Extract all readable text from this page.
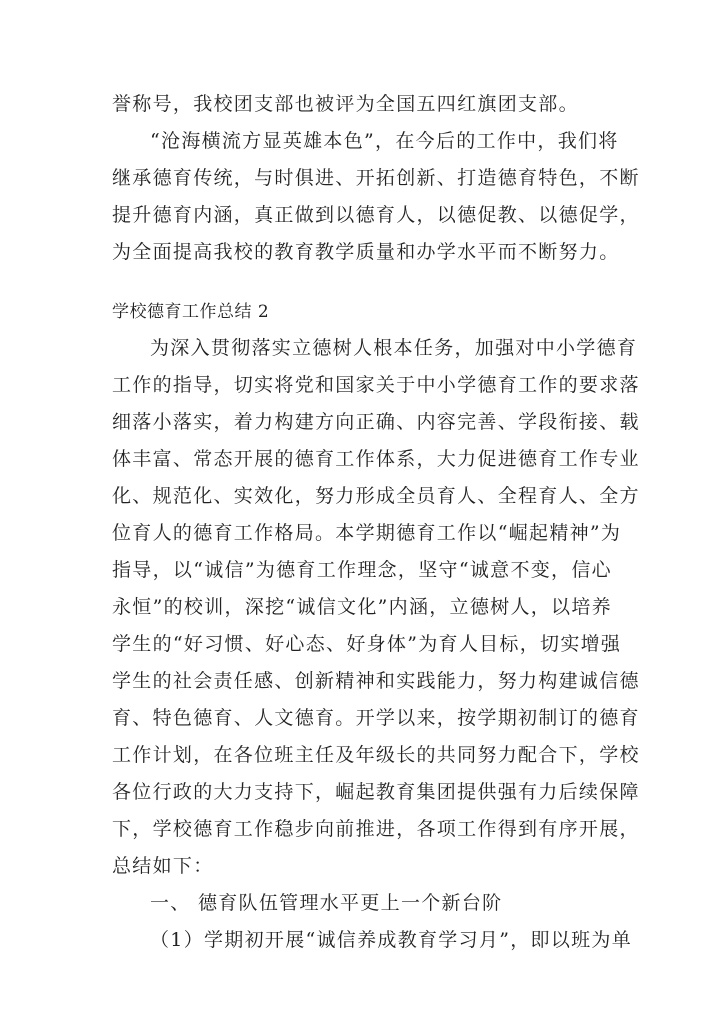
誉称号，我校团支部也被评为全国五四红旗团支部。
“沧海横流方显英雄本色”，在今后的工作中，我们将
继承德育传统，与时俱进、开拓创新、打造德育特色，不断
提升德育内涵，真正做到以德育人，以德促教、以德促学，
为全面提高我校的教育教学质量和办学水平而不断努力。
学校德育工作总结 2
为深入贯彻落实立德树人根本任务，加强对中小学德育
工作的指导，切实将党和国家关于中小学德育工作的要求落
细落小落实，着力构建方向正确、内容完善、学段衔接、载
体丰富、常态开展的德育工作体系，大力促进德育工作专业
化、规范化、实效化，努力形成全员育人、全程育人、全方
位育人的德育工作格局。本学期德育工作以“崛起精神”为
指导，以“诚信”为德育工作理念，坚守“诚意不变，信心
永恒”的校训，深挖“诚信文化”内涵，立德树人，以培养
学生的“好习惯、好心态、好身体”为育人目标，切实增强
学生的社会责任感、创新精神和实践能力，努力构建诚信德
育、特色德育、人文德育。开学以来，按学期初制订的德育
工作计划，在各位班主任及年级长的共同努力配合下，学校
各位行政的大力支持下，崛起教育集团提供强有力后续保障
下，学校德育工作稳步向前推进，各项工作得到有序开展，
总结如下：
一、 德育队伍管理水平更上一个新台阶
（1）学期初开展“诚信养成教育学习月”，即以班为单
